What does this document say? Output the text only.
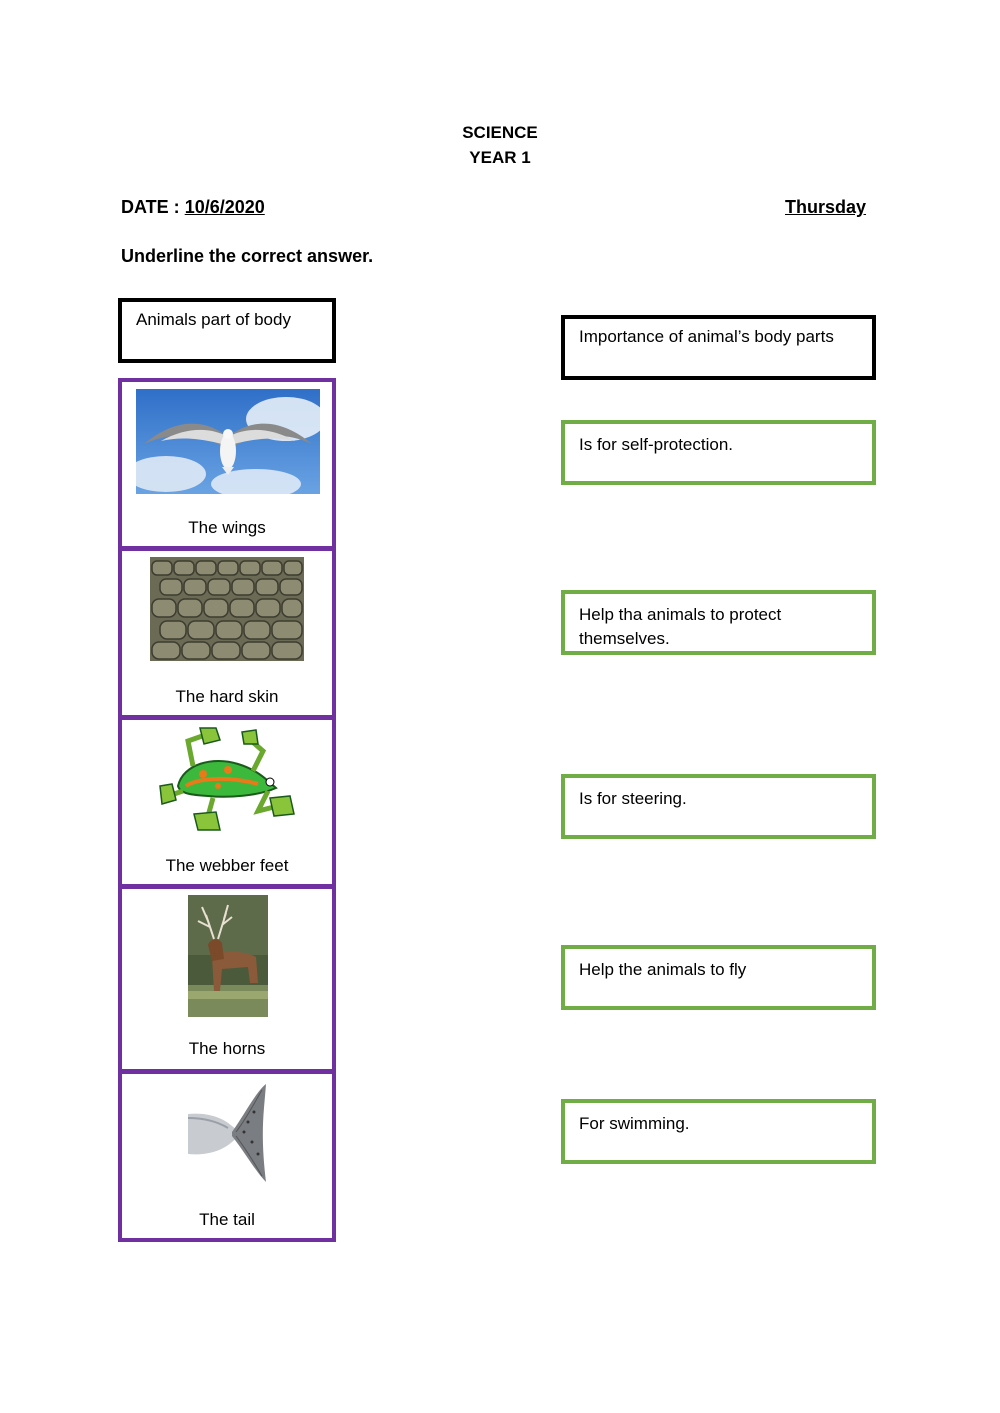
SCIENCE
YEAR 1
DATE : 10/6/2020	Thursday
Underline the correct answer.
Animals part of body
Importance of animal’s body parts
The wings
The hard skin
The webber feet
The horns
The tail
Is for self-protection.
Help tha animals to protect themselves.
Is for steering.
Help the animals to fly
For swimming.
